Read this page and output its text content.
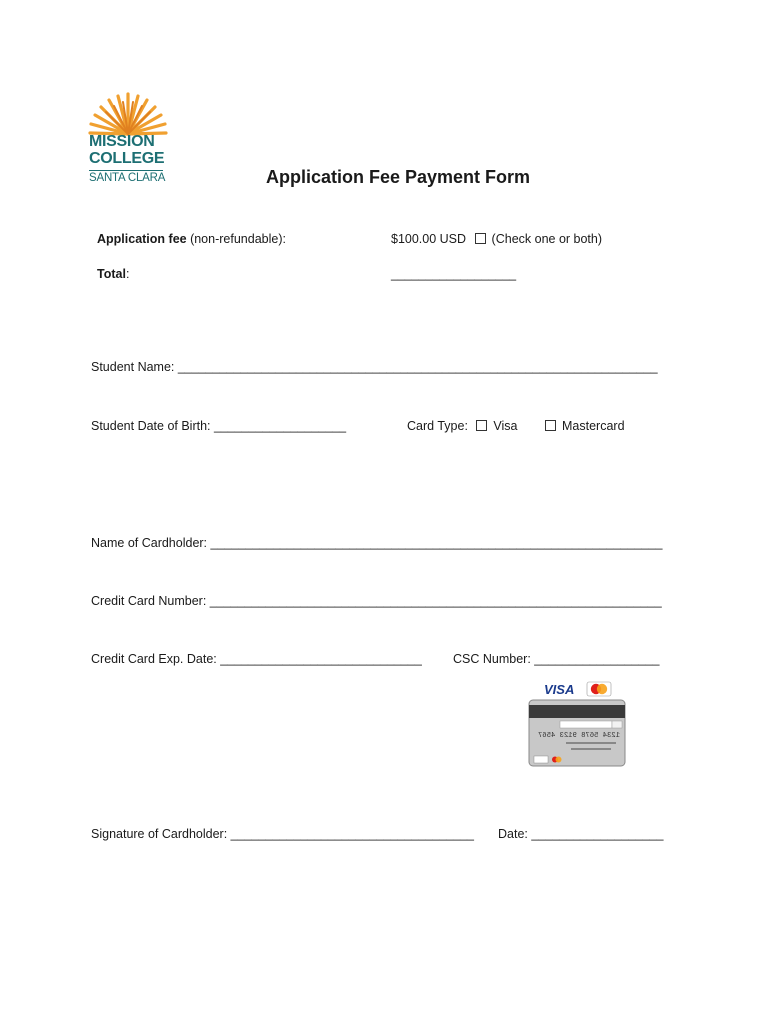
MISSION
COLLEGE
SANTA CLARA	Application Fee Payment Form
Application fee (non-refundable):	$100.00 USD (Check one or both)
Total:	__________________
Student Name: _____________________________________________________________________
Student Date of Birth: ___________________	Card Type: Visa	Mastercard
Name of Cardholder: _________________________________________________________________
Credit Card Number: _________________________________________________________________
Credit Card Exp. Date: _____________________________ CSC Number: __________________
VISA
1234 5678 9123 4567
Signature of Cardholder: ___________________________________ Date: ___________________
